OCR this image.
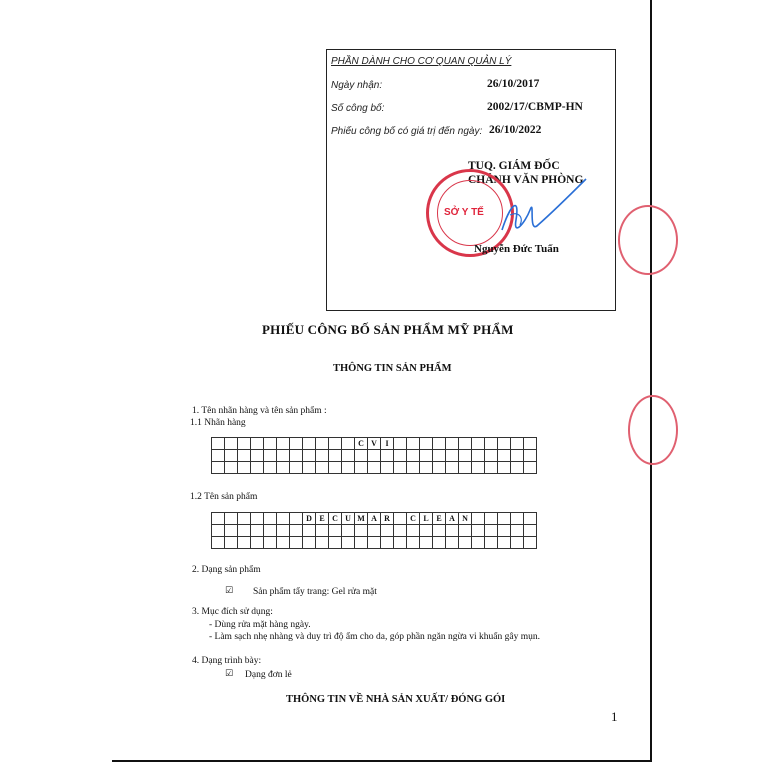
PHẦN DÀNH CHO CƠ QUAN QUẢN LÝ
Ngày nhận:	26/10/2017
Số công bố:	2002/17/CBMP-HN
Phiếu công bố có giá trị đến ngày: 26/10/2022
TUQ. GIÁM ĐỐC
CHÁNH VĂN PHÒNG
SỞ Y TẾ
Nguyễn Đức Tuấn
PHIẾU CÔNG BỐ SẢN PHẨM MỸ PHẨM
THÔNG TIN SẢN PHẨM
1. Tên nhãn hàng và tên sản phẩm :
1.1 Nhãn hàng
C V	I
1.2 Tên sản phẩm
D E C U M A R	C L E A N
2. Dạng sản phẩm
☑ Sản phẩm tẩy trang: Gel rửa mặt
3. Mục đích sử dụng:
- Dùng rửa mặt hàng ngày.
- Làm sạch nhẹ nhàng và duy trì độ ẩm cho da, góp phần ngăn ngừa vi khuẩn gây mụn.
4. Dạng trình bày:
☑ Dạng đơn lẻ
THÔNG TIN VỀ NHÀ SẢN XUẤT/ ĐÓNG GÓI
1
